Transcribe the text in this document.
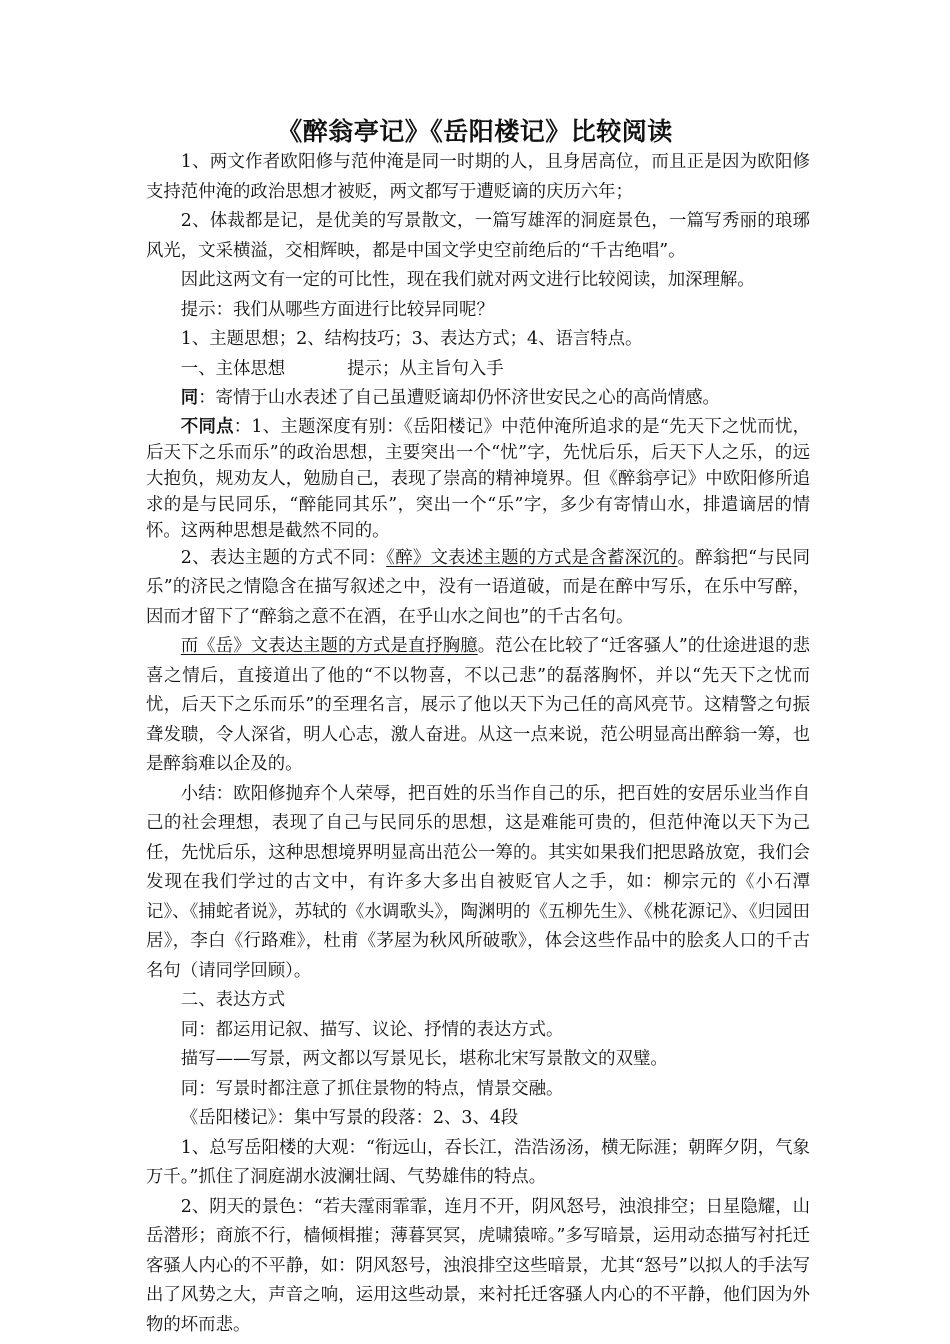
《醉翁亭记》《岳阳楼记》比较阅读

1、两文作者欧阳修与范仲淹是同一时期的人，且身居高位，而且正是因为欧阳修支持范仲淹的政治思想才被贬，两文都写于遭贬谪的庆历六年；

2、体裁都是记，是优美的写景散文，一篇写雄浑的洞庭景色，一篇写秀丽的琅琊风光，文采横溢，交相辉映，都是中国文学史空前绝后的“千古绝唱”。

因此这两文有一定的可比性，现在我们就对两文进行比较阅读，加深理解。

提示：我们从哪些方面进行比较异同呢？

1、主题思想；2、结构技巧；3、表达方式；4、语言特点。

一、主体思想	提示；从主旨句入手

同：寄情于山水表述了自己虽遭贬谪却仍怀济世安民之心的高尚情感。

不同点：1、主题深度有别：《岳阳楼记》中范仲淹所追求的是“先天下之忧而忧，后天下之乐而乐”的政治思想，主要突出一个“忧”字，先忧后乐，后天下人之乐，的远大抱负，规劝友人，勉励自己，表现了崇高的精神境界。但《醉翁亭记》中欧阳修所追求的是与民同乐，“醉能同其乐”，突出一个“乐”字，多少有寄情山水，排遣谪居的情怀。这两种思想是截然不同的。

2、表达主题的方式不同：《醉》文表述主题的方式是含蓄深沉的。醉翁把“与民同乐”的济民之情隐含在描写叙述之中，没有一语道破，而是在醉中写乐，在乐中写醉，因而才留下了“醉翁之意不在酒，在乎山水之间也”的千古名句。

而《岳》文表达主题的方式是直抒胸臆。范公在比较了“迁客骚人”的仕途进退的悲喜之情后，直接道出了他的“不以物喜，不以己悲”的磊落胸怀，并以“先天下之忧而忧，后天下之乐而乐”的至理名言，展示了他以天下为己任的高风亮节。这精警之句振聋发聩，令人深省，明人心志，激人奋进。从这一点来说，范公明显高出醉翁一筹，也是醉翁难以企及的。

小结：欧阳修抛弃个人荣辱，把百姓的乐当作自己的乐，把百姓的安居乐业当作自己的社会理想，表现了自己与民同乐的思想，这是难能可贵的，但范仲淹以天下为己任，先忧后乐，这种思想境界明显高出范公一筹的。其实如果我们把思路放宽，我们会发现在我们学过的古文中，有许多大多出自被贬官人之手，如：柳宗元的《小石潭记》、《捕蛇者说》，苏轼的《水调歌头》，陶渊明的《五柳先生》、《桃花源记》、《归园田居》，李白《行路难》，杜甫《茅屋为秋风所破歌》，体会这些作品中的脍炙人口的千古名句（请同学回顾）。

二、表达方式

同：都运用记叙、描写、议论、抒情的表达方式。

描写——写景，两文都以写景见长，堪称北宋写景散文的双璧。

同：写景时都注意了抓住景物的特点，情景交融。

《岳阳楼记》：集中写景的段落：2、3、4段

1、总写岳阳楼的大观：“衔远山，吞长江，浩浩汤汤，横无际涯；朝晖夕阴，气象万千。”抓住了洞庭湖水波澜壮阔、气势雄伟的特点。

2、阴天的景色：“若夫霪雨霏霏，连月不开，阴风怒号，浊浪排空；日星隐耀，山岳潜形；商旅不行，樯倾楫摧；薄暮冥冥，虎啸猿啼。”多写暗景，运用动态描写衬托迁客骚人内心的不平静，如：阴风怒号，浊浪排空这些暗景，尤其“怒号”以拟人的手法写出了风势之大，声音之响，运用这些动景，来衬托迁客骚人内心的不平静，他们因为外物的坏而悲。
